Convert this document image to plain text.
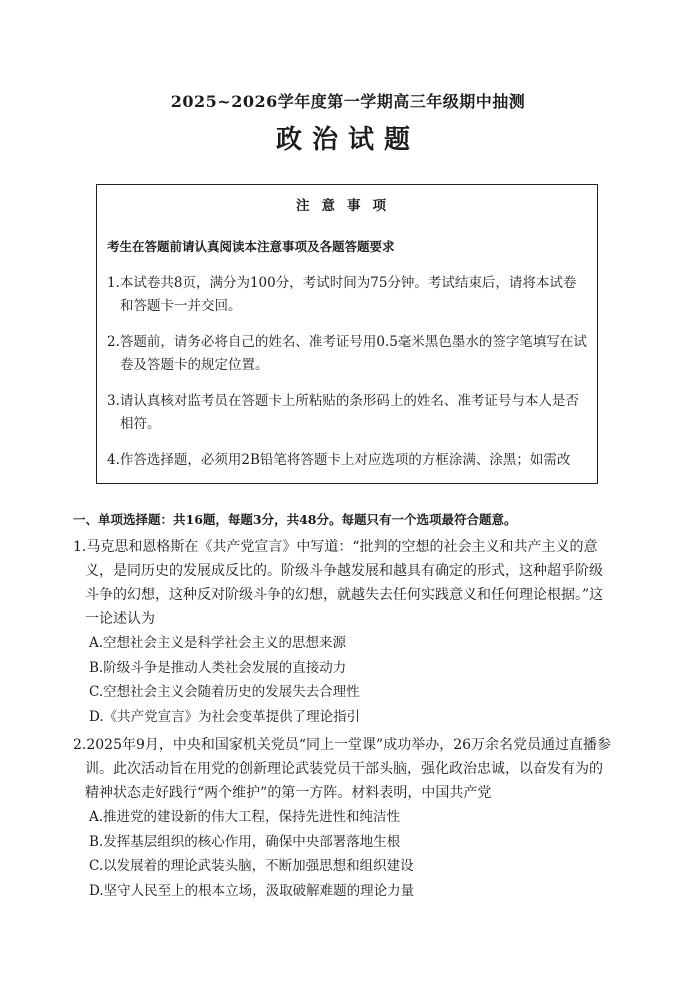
2025~2026学年度第一学期高三年级期中抽测
政治试题
注意事项
考生在答题前请认真阅读本注意事项及各题答题要求
1.本试卷共8页，满分为100分，考试时间为75分钟。考试结束后，请将本试卷和答题卡一并交回。
2.答题前，请务必将自己的姓名、准考证号用0.5毫米黑色墨水的签字笔填写在试卷及答题卡的规定位置。
3.请认真核对监考员在答题卡上所粘贴的条形码上的姓名、准考证号与本人是否相符。
4.作答选择题，必须用2B铅笔将答题卡上对应选项的方框涂满、涂黑；如需改
一、单项选择题：共16题，每题3分，共48分。每题只有一个选项最符合题意。
1.马克思和恩格斯在《共产党宣言》中写道：“批判的空想的社会主义和共产主义的意义，是同历史的发展成反比的。阶级斗争越发展和越具有确定的形式，这种超乎阶级斗争的幻想，这种反对阶级斗争的幻想，就越失去任何实践意义和任何理论根据。”这一论述认为
A.空想社会主义是科学社会主义的思想来源
B.阶级斗争是推动人类社会发展的直接动力
C.空想社会主义会随着历史的发展失去合理性
D.《共产党宣言》为社会变革提供了理论指引
2.2025年9月，中央和国家机关党员“同上一堂课”成功举办，26万余名党员通过直播参训。此次活动旨在用党的创新理论武装党员干部头脑，强化政治忠诚，以奋发有为的精神状态走好践行“两个维护”的第一方阵。材料表明，中国共产党
A.推进党的建设新的伟大工程，保持先进性和纯洁性
B.发挥基层组织的核心作用，确保中央部署落地生根
C.以发展着的理论武装头脑，不断加强思想和组织建设
D.坚守人民至上的根本立场，汲取破解难题的理论力量
